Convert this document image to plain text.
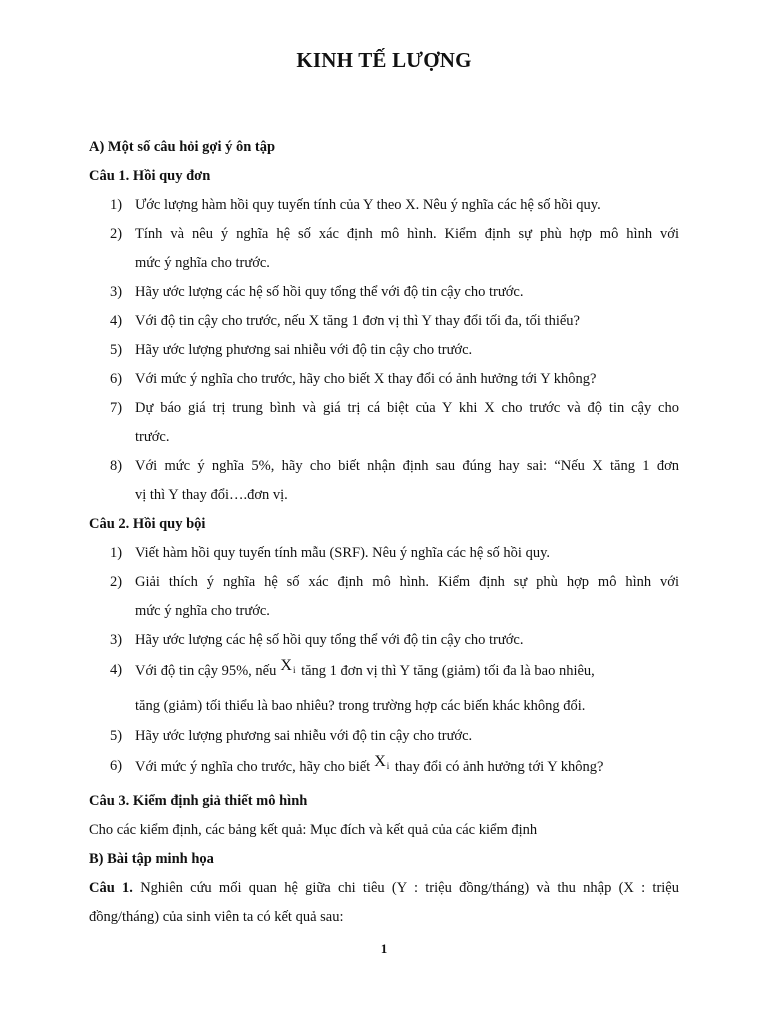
KINH TẾ LƯỢNG
A) Một số câu hỏi gợi ý ôn tập
Câu 1. Hồi quy đơn
1) Ước lượng hàm hồi quy tuyến tính của Y theo X. Nêu ý nghĩa các hệ số hồi quy.
2) Tính và nêu ý nghĩa hệ số xác định mô hình. Kiểm định sự phù hợp mô hình với
mức ý nghĩa cho trước.
3) Hãy ước lượng các hệ số hồi quy tổng thể với độ tin cậy cho trước.
4) Với độ tin cậy cho trước, nếu X tăng 1 đơn vị thì Y thay đổi tối đa, tối thiểu?
5) Hãy ước lượng phương sai nhiễu với độ tin cậy cho trước.
6) Với mức ý nghĩa cho trước, hãy cho biết X thay đổi có ảnh hưởng tới Y không?
7) Dự báo giá trị trung bình và giá trị cá biệt của Y khi X cho trước và độ tin cậy cho
trước.
8) Với mức ý nghĩa 5%, hãy cho biết nhận định sau đúng hay sai: “Nếu X tăng 1 đơn
vị thì Y thay đổi….đơn vị.
Câu 2. Hồi quy bội
1) Viết hàm hồi quy tuyến tính mẫu (SRF). Nêu ý nghĩa các hệ số hồi quy.
2) Giải thích ý nghĩa hệ số xác định mô hình. Kiểm định sự phù hợp mô hình với
mức ý nghĩa cho trước.
3) Hãy ước lượng các hệ số hồi quy tổng thể với độ tin cậy cho trước.
4) Với độ tin cậy 95%, nếu $X_i$ tăng 1 đơn vị thì Y tăng (giảm) tối đa là bao nhiêu,
tăng (giảm) tối thiểu là bao nhiêu? trong trường hợp các biến khác không đổi.
5) Hãy ước lượng phương sai nhiễu với độ tin cậy cho trước.
6) Với mức ý nghĩa cho trước, hãy cho biết $X_i$ thay đổi có ảnh hưởng tới Y không?
Câu 3. Kiểm định giả thiết mô hình
Cho các kiểm định, các bảng kết quả: Mục đích và kết quả của các kiểm định
B) Bài tập minh họa
Câu 1. Nghiên cứu mối quan hệ giữa chi tiêu (Y : triệu đồng/tháng) và thu nhập (X : triệu
đồng/tháng) của sinh viên ta có kết quả sau:
1
